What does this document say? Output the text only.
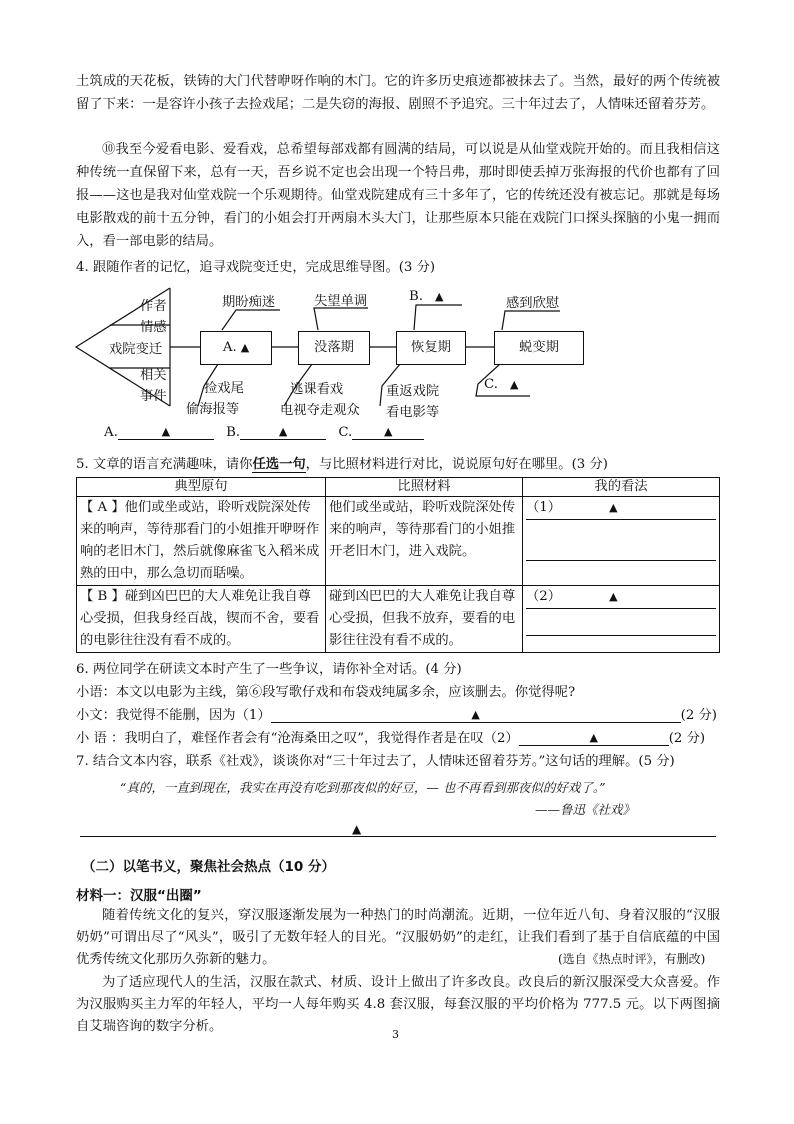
土筑成的天花板，铁铸的大门代替咿呀作响的木门。它的许多历史痕迹都被抹去了。当然，最好的两个传统被留了下来：一是容许小孩子去捡戏尾；二是失窃的海报、剧照不予追究。三十年过去了，人情味还留着芬芳。
⑩我至今爱看电影、爱看戏，总希望每部戏都有圆满的结局，可以说是从仙堂戏院开始的。而且我相信这种传统一直保留下来，总有一天，吾乡说不定也会出现一个特吕弗，那时即使丢掉万张海报的代价也都有了回报——这也是我对仙堂戏院一个乐观期待。仙堂戏院建成有三十多年了，它的传统还没有被忘记。那就是每场电影散戏的前十五分钟，看门的小姐会打开两扇木头大门，让那些原本只能在戏院门口探头探脑的小鬼一拥而入，看一部电影的结局。
4. 跟随作者的记忆，追寻戏院变迁史，完成思维导图。(3 分)
作者
情感
戏院变迁
相关
事件
A. ▲	没落期	恢复期	蜕变期
期盼痴迷	失望单调	B. ▲	感到欣慰
捡戏尾
偷海报等
逃课看戏
电视夺走观众
重返戏院
看电影等
C. ▲
A.	▲	B.	▲	C.	▲
5. 文章的语言充满趣味，请你任选一句，与比照材料进行对比，说说原句好在哪里。(3 分)
典型原句	比照材料	我的看法
【 A 】他们或坐或站，聆听戏院深处传来的响声，等待那看门的小姐推开咿呀作响的老旧木门，然后就像麻雀飞入稻米成熟的田中，那么急切而聒噪。	他们或坐或站，聆听戏院深处传来的响声，等待那看门的小姐推开老旧木门，进入戏院。	（1） ▲

【 B 】碰到凶巴巴的大人难免让我自尊心受损，但我身经百战，锲而不舍，要看的电影往往没有看不成的。	碰到凶巴巴的大人难免让我自尊心受损，但我不放弃，要看的电影往往没有看不成的。	（2） ▲
6. 两位同学在研读文本时产生了一些争议，请你补全对话。(4 分)
小语：本文以电影为主线，第⑥段写歌仔戏和布袋戏纯属多余，应该删去。你觉得呢?
小文：我觉得不能删，因为（1）	▲	(2 分)
小 语 ：我明白了，难怪作者会有“沧海桑田之叹”，我觉得作者是在叹（2）	▲	(2 分)
7. 结合文本内容，联系《社戏》，谈谈你对“三十年过去了，人情味还留着芬芳。”这句话的理解。(5 分)
“真的，一直到现在，我实在再没有吃到那夜似的好豆，— 也不再看到那夜似的好戏了。”
——鲁迅《社戏》
▲
（二）以笔书义，聚焦社会热点（10 分）
材料一：汉服“出圈”
随着传统文化的复兴，穿汉服逐渐发展为一种热门的时尚潮流。近期，一位年近八旬、身着汉服的“汉服奶奶”可谓出尽了“风头”，吸引了无数年轻人的目光。“汉服奶奶”的走红，让我们看到了基于自信底蕴的中国优秀传统文化那历久弥新的魅力。	(选自《热点时评》，有删改)
为了适应现代人的生活，汉服在款式、材质、设计上做出了许多改良。改良后的新汉服深受大众喜爱。作为汉服购买主力军的年轻人，平均一人每年购买 4.8 套汉服，每套汉服的平均价格为 777.5 元。以下两图摘自艾瑞咨询的数字分析。
3
